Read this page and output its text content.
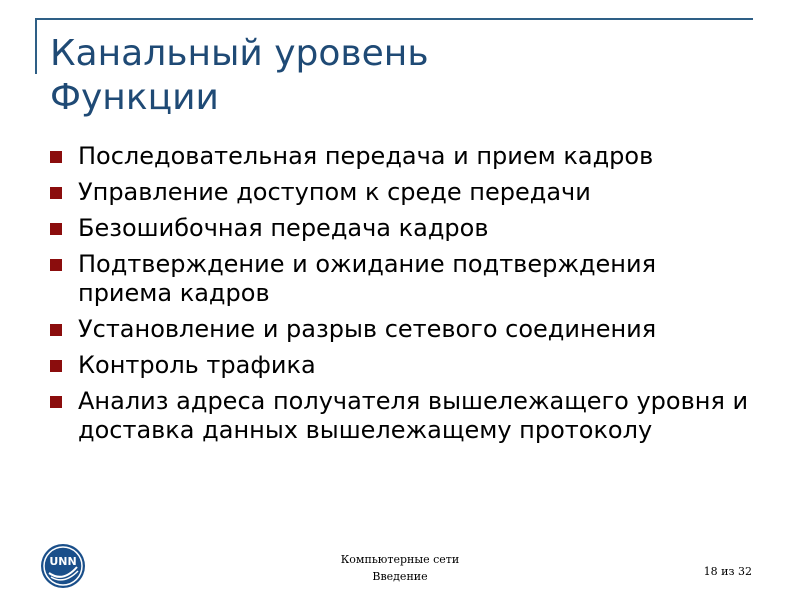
Канальный уровень
Функции
Последовательная передача и прием кадров
Управление доступом к среде передачи
Безошибочная передача кадров
Подтверждение и ожидание подтверждения приема кадров
Установление и разрыв сетевого соединения
Контроль трафика
Анализ адреса получателя вышележащего уровня и доставка данных вышележащему протоколу
UNN	Компьютерные сети
Введение	18 из 32
